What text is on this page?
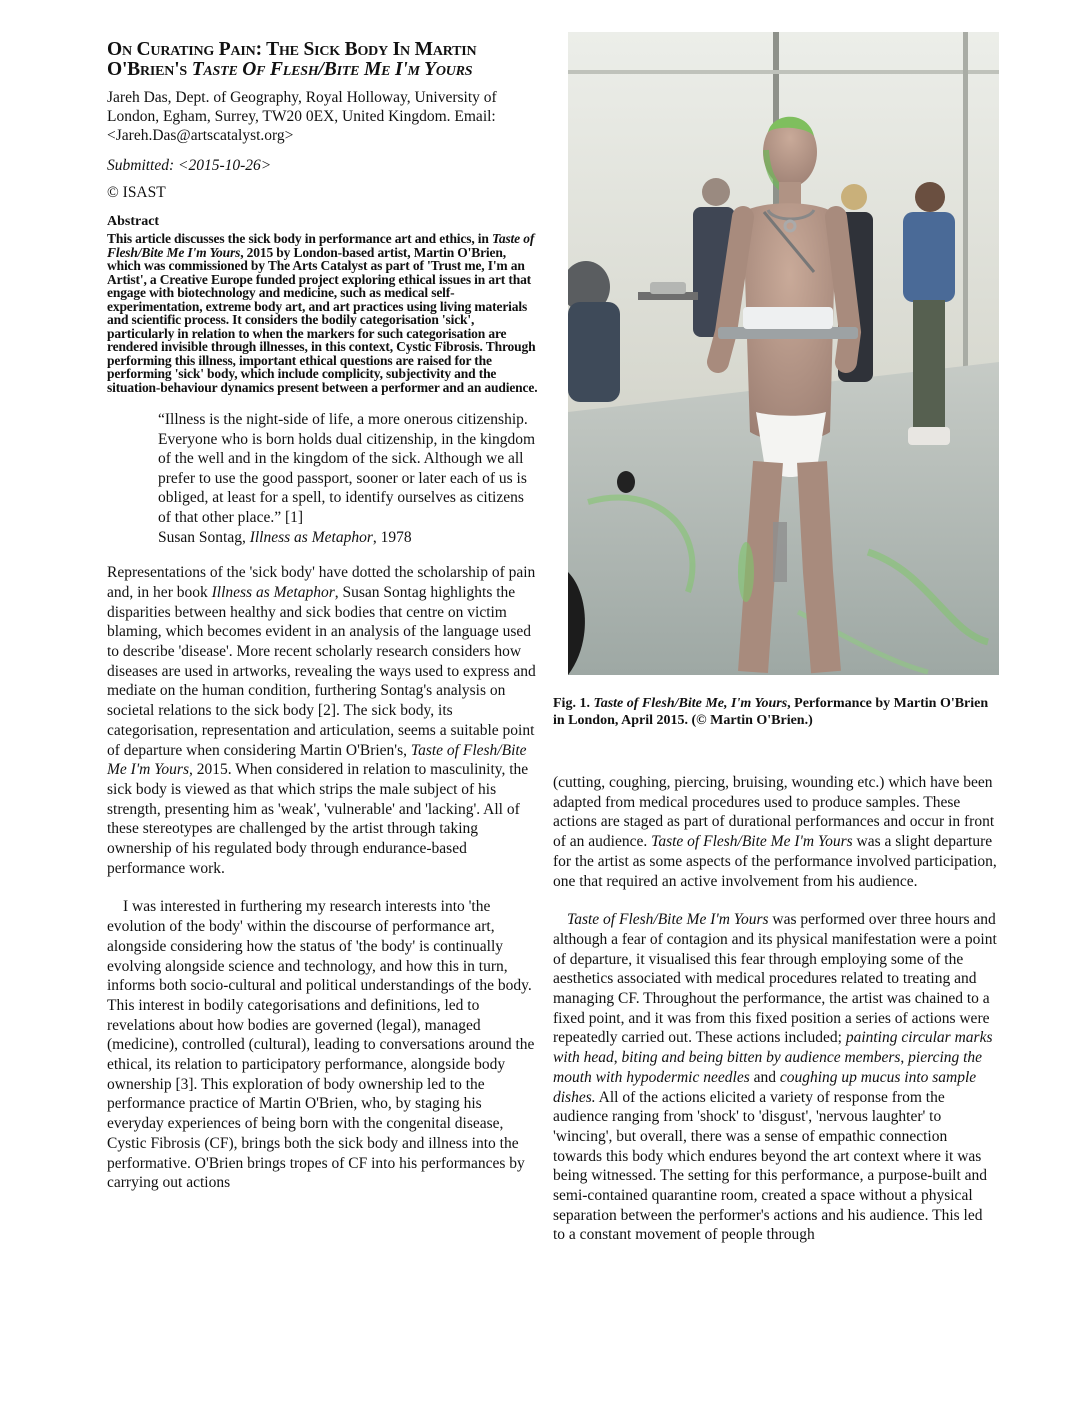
On Curating Pain: The Sick Body In Martin O'Brien's Taste Of Flesh/Bite Me I'm Yours

Jareh Das, Dept. of Geography, Royal Holloway, University of London, Egham, Surrey, TW20 0EX, United Kingdom. Email: <Jareh.Das@artscatalyst.org>

Submitted: <2015-10-26>

© ISAST

Abstract

This article discusses the sick body in performance art and ethics, in Taste of Flesh/Bite Me I'm Yours, 2015 by London-based artist, Martin O'Brien, which was commissioned by The Arts Catalyst as part of 'Trust me, I'm an Artist', a Creative Europe funded project exploring ethical issues in art that engage with biotechnology and medicine, such as medical self-experimentation, extreme body art, and art practices using living materials and scientific process. It considers the bodily categorisation 'sick', particularly in relation to when the markers for such categorisation are rendered invisible through illnesses, in this context, Cystic Fibrosis. Through performing this illness, important ethical questions are raised for the performing 'sick' body, which include complicity, subjectivity and the situation-behaviour dynamics present between a performer and an audience.

“Illness is the night-side of life, a more onerous citizenship. Everyone who is born holds dual citizenship, in the kingdom of the well and in the kingdom of the sick. Although we all prefer to use the good passport, sooner or later each of us is obliged, at least for a spell, to identify ourselves as citizens of that other place.” [1]
Susan Sontag, Illness as Metaphor, 1978

Representations of the 'sick body' have dotted the scholarship of pain and, in her book Illness as Metaphor, Susan Sontag highlights the disparities between healthy and sick bodies that centre on victim blaming, which becomes evident in an analysis of the language used to describe 'disease'. More recent scholarly research considers how diseases are used in artworks, revealing the ways used to express and mediate on the human condition, furthering Sontag's analysis on societal relations to the sick body [2]. The sick body, its categorisation, representation and articulation, seems a suitable point of departure when considering Martin O'Brien's, Taste of Flesh/Bite Me I'm Yours, 2015. When considered in relation to masculinity, the sick body is viewed as that which strips the male subject of his strength, presenting him as 'weak', 'vulnerable' and 'lacking'. All of these stereotypes are challenged by the artist through taking ownership of his regulated body through endurance-based performance work.

I was interested in furthering my research interests into 'the evolution of the body' within the discourse of performance art, alongside considering how the status of 'the body' is continually evolving alongside science and technology, and how this in turn, informs both socio-cultural and political understandings of the body. This interest in bodily categorisations and definitions, led to revelations about how bodies are governed (legal), managed (medicine), controlled (cultural), leading to conversations around the ethical, its relation to participatory performance, alongside body ownership [3]. This exploration of body ownership led to the performance practice of Martin O'Brien, who, by staging his everyday experiences of being born with the congenital disease, Cystic Fibrosis (CF), brings both the sick body and illness into the performative. O'Brien brings tropes of CF into his performances by carrying out actions

Fig. 1. Taste of Flesh/Bite Me, I'm Yours, Performance by Martin O'Brien in London, April 2015. (© Martin O'Brien.)

(cutting, coughing, piercing, bruising, wounding etc.) which have been adapted from medical procedures used to produce samples. These actions are staged as part of durational performances and occur in front of an audience. Taste of Flesh/Bite Me I'm Yours was a slight departure for the artist as some aspects of the performance involved participation, one that required an active involvement from his audience.

Taste of Flesh/Bite Me I'm Yours was performed over three hours and although a fear of contagion and its physical manifestation were a point of departure, it visualised this fear through employing some of the aesthetics associated with medical procedures related to treating and managing CF. Throughout the performance, the artist was chained to a fixed point, and it was from this fixed position a series of actions were repeatedly carried out. These actions included; painting circular marks with head, biting and being bitten by audience members, piercing the mouth with hypodermic needles and coughing up mucus into sample dishes. All of the actions elicited a variety of response from the audience ranging from 'shock' to 'disgust', 'nervous laughter' to 'wincing', but overall, there was a sense of empathic connection towards this body which endures beyond the art context where it was being witnessed. The setting for this performance, a purpose-built and semi-contained quarantine room, created a space without a physical separation between the performer's actions and his audience. This led to a constant movement of people through
